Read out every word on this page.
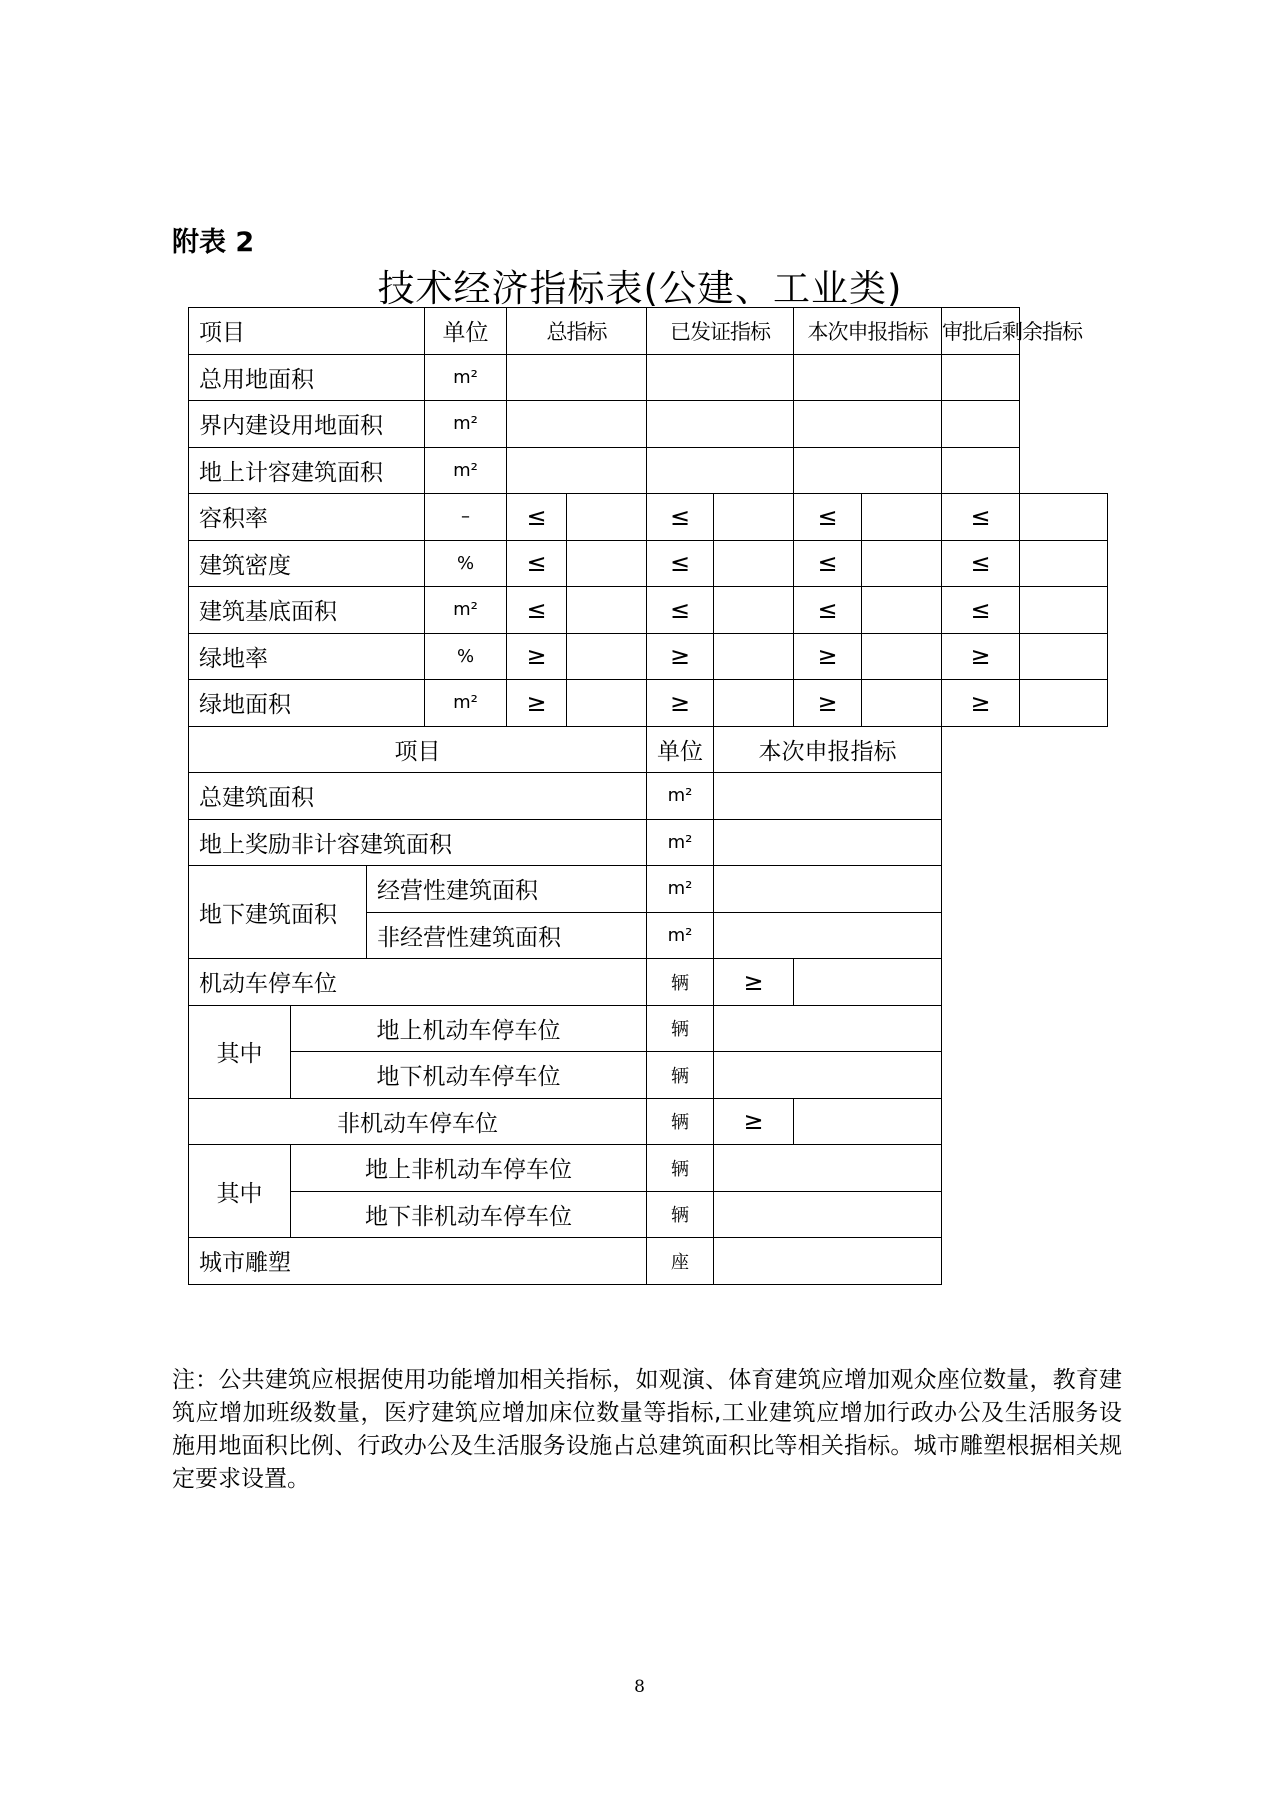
附表 2
技术经济指标表(公建、工业类)
项目			单位	总指标		已发证指标		本次申报指标		审批后剩余指标	
总用地面积			m²								
界内建设用地面积			m²								
地上计容建筑面积			m²								
容积率			–	≤		≤		≤		≤	
建筑密度			%	≤		≤		≤		≤	
建筑基底面积			m²	≤		≤		≤		≤	
绿地率			%	≥		≥		≥		≥	
绿地面积			m²	≥		≥		≥		≥	
项目						单位	本次申报指标				
总建筑面积						m²					
地上奖励非计容建筑面积						m²					
地下建筑面积		经营性建筑面积				m²					
		非经营性建筑面积				m²					
机动车停车位						辆	≥				
其中	地上机动车停车位					辆					
	地下机动车停车位					辆					
非机动车停车位						辆	≥				
其中	地上非机动车停车位					辆					
	地下非机动车停车位					辆					
城市雕塑						座					
注：公共建筑应根据使用功能增加相关指标，如观演、体育建筑应增加观众座位数量，教育建筑应增加班级数量，医疗建筑应增加床位数量等指标,工业建筑应增加行政办公及生活服务设施用地面积比例、行政办公及生活服务设施占总建筑面积比等相关指标。城市雕塑根据相关规定要求设置。
8
